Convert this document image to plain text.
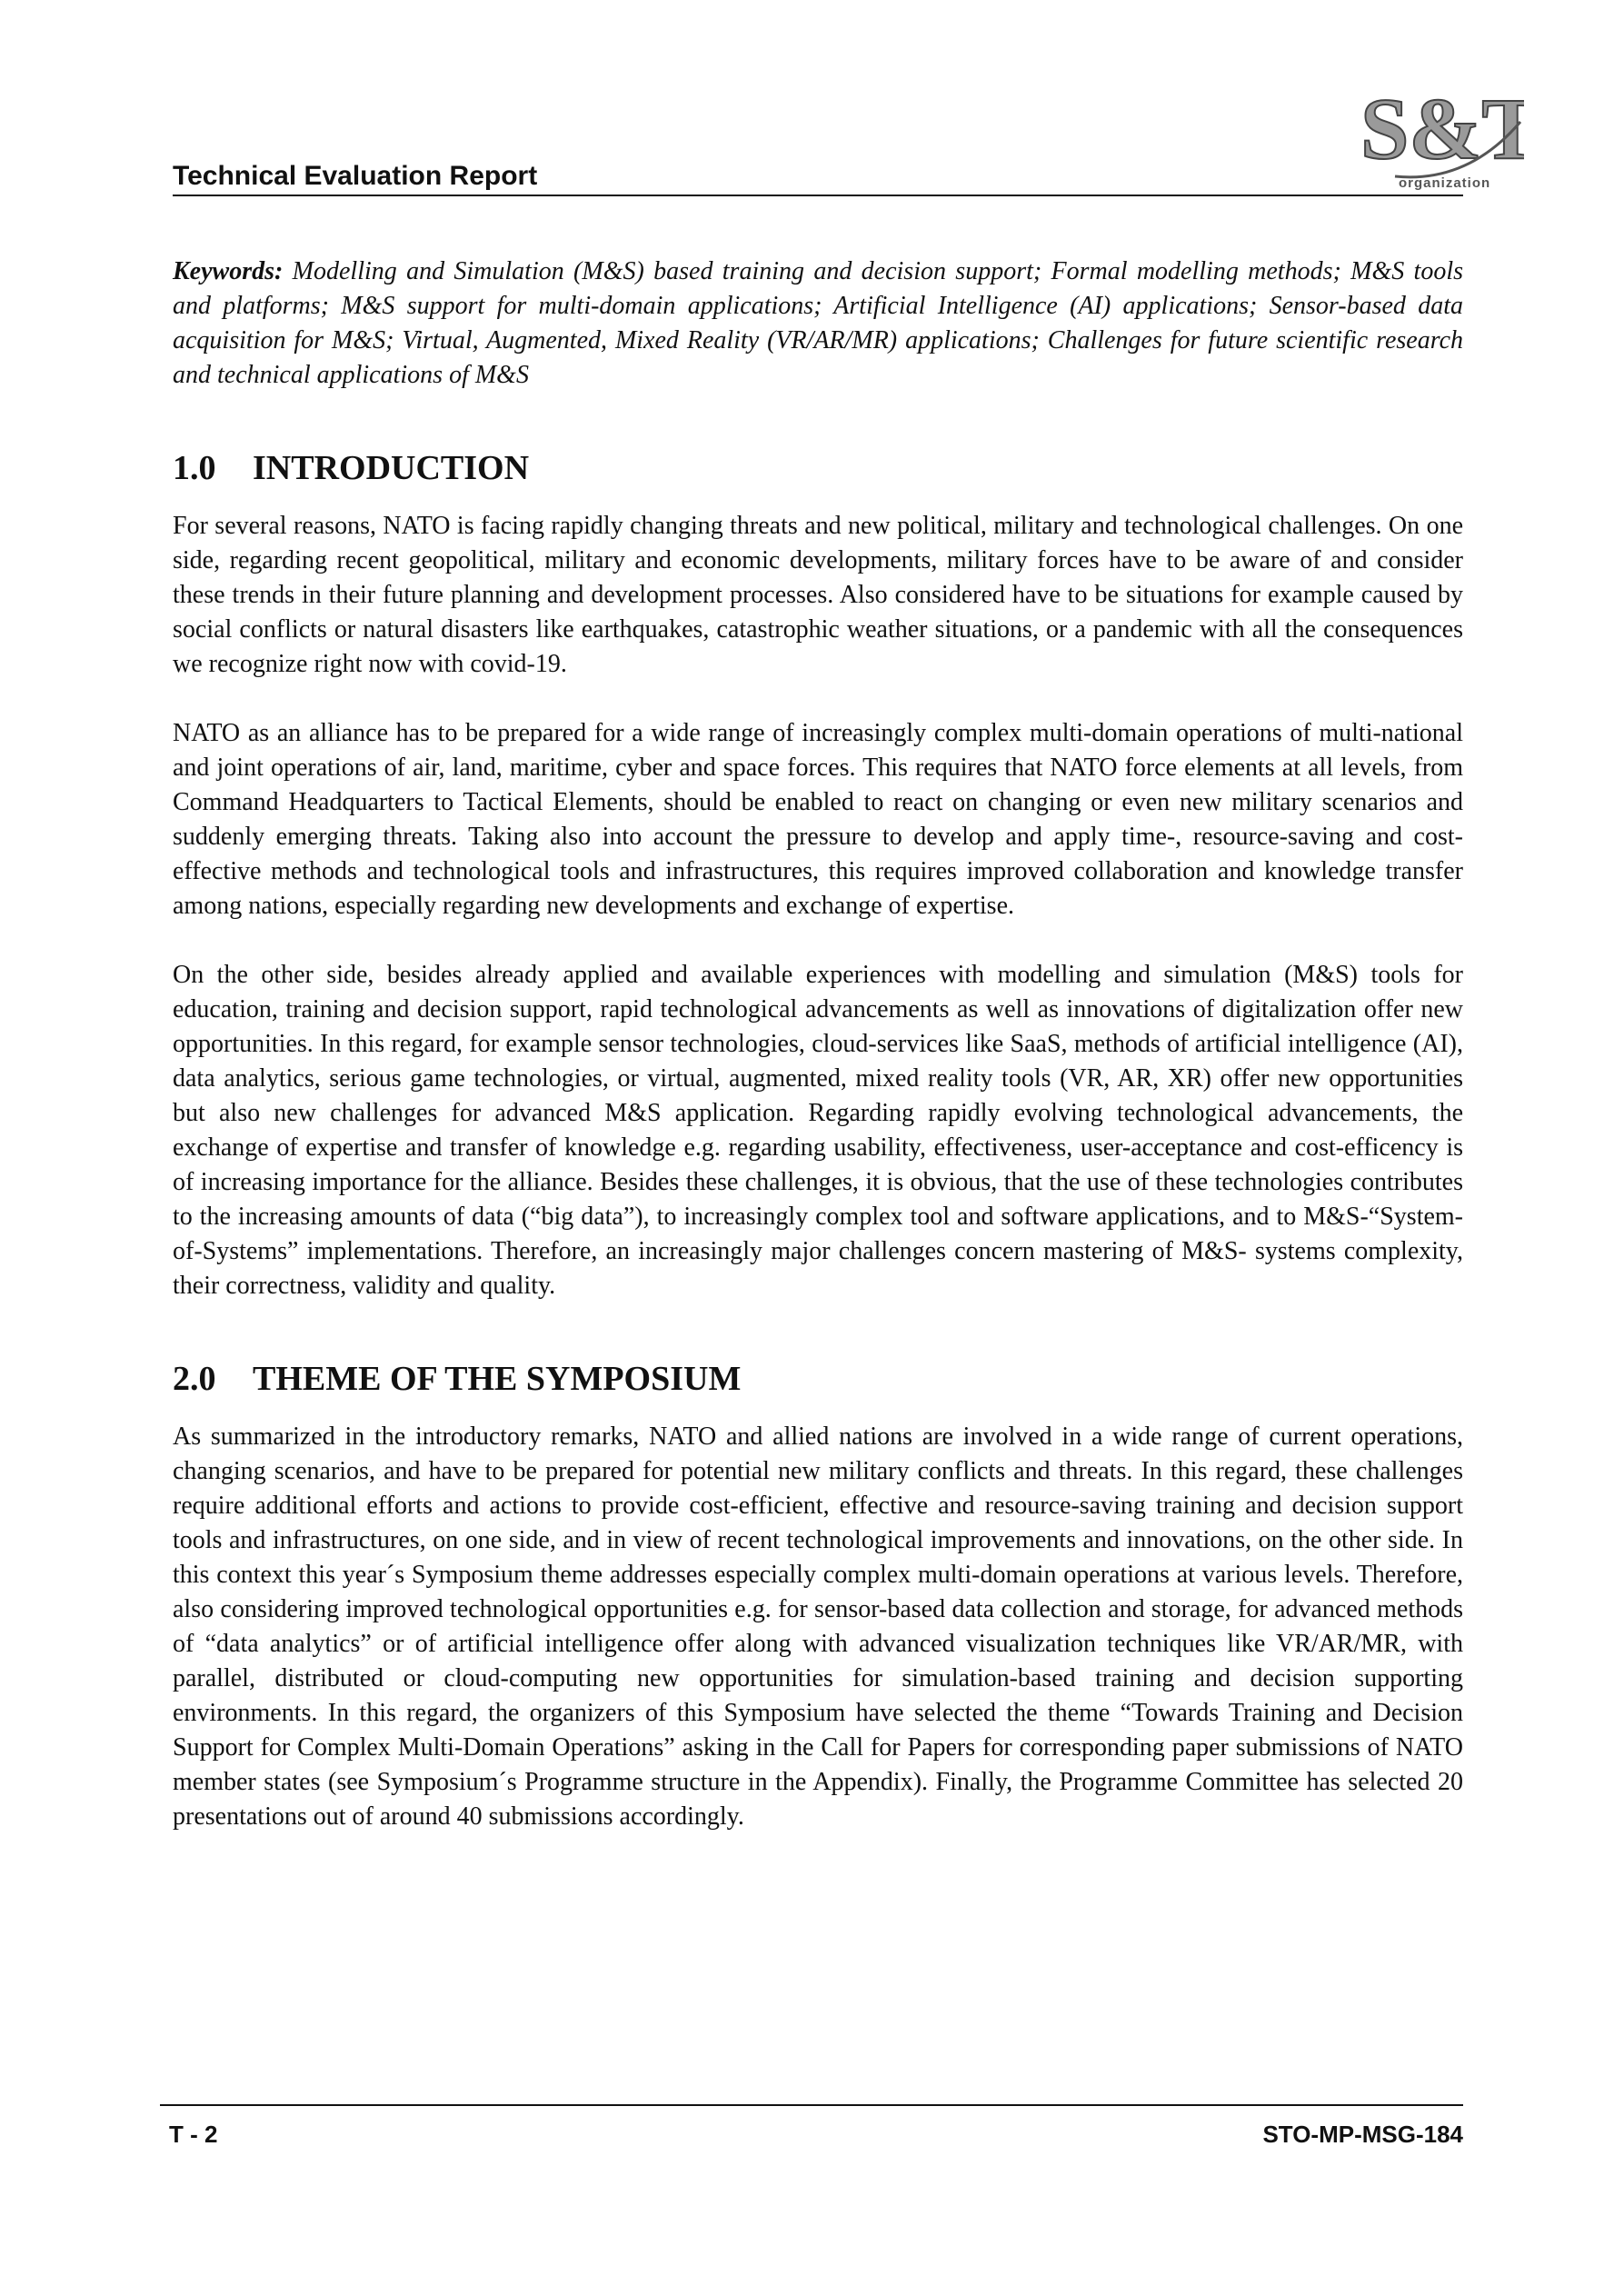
Technical Evaluation Report	S&T
organization

Keywords: Modelling and Simulation (M&S) based training and decision support; Formal modelling methods; M&S tools and platforms; M&S support for multi-domain applications; Artificial Intelligence (AI) applications; Sensor-based data acquisition for M&S; Virtual, Augmented, Mixed Reality (VR/AR/MR) applications; Challenges for future scientific research and technical applications of M&S

1.0 INTRODUCTION

For several reasons, NATO is facing rapidly changing threats and new political, military and technological challenges. On one side, regarding recent geopolitical, military and economic developments, military forces have to be aware of and consider these trends in their future planning and development processes. Also considered have to be situations for example caused by social conflicts or natural disasters like earthquakes, catastrophic weather situations, or a pandemic with all the consequences we recognize right now with covid-19.

NATO as an alliance has to be prepared for a wide range of increasingly complex multi-domain operations of multi-national and joint operations of air, land, maritime, cyber and space forces. This requires that NATO force elements at all levels, from Command Headquarters to Tactical Elements, should be enabled to react on changing or even new military scenarios and suddenly emerging threats. Taking also into account the pressure to develop and apply time-, resource-saving and cost-effective methods and technological tools and infrastructures, this requires improved collaboration and knowledge transfer among nations, especially regarding new developments and exchange of expertise.

On the other side, besides already applied and available experiences with modelling and simulation (M&S) tools for education, training and decision support, rapid technological advancements as well as innovations of digitalization offer new opportunities. In this regard, for example sensor technologies, cloud-services like SaaS, methods of artificial intelligence (AI), data analytics, serious game technologies, or virtual, augmented, mixed reality tools (VR, AR, XR) offer new opportunities but also new challenges for advanced M&S application. Regarding rapidly evolving technological advancements, the exchange of expertise and transfer of knowledge e.g. regarding usability, effectiveness, user-acceptance and cost-efficency is of increasing importance for the alliance. Besides these challenges, it is obvious, that the use of these technologies contributes to the increasing amounts of data (“big data”), to increasingly complex tool and software applications, and to M&S-“System-of-Systems” implementations. Therefore, an increasingly major challenges concern mastering of M&S- systems complexity, their correctness, validity and quality.

2.0 THEME OF THE SYMPOSIUM

As summarized in the introductory remarks, NATO and allied nations are involved in a wide range of current operations, changing scenarios, and have to be prepared for potential new military conflicts and threats. In this regard, these challenges require additional efforts and actions to provide cost-efficient, effective and resource-saving training and decision support tools and infrastructures, on one side, and in view of recent technological improvements and innovations, on the other side. In this context this year´s Symposium theme addresses especially complex multi-domain operations at various levels. Therefore, also considering improved technological opportunities e.g. for sensor-based data collection and storage, for advanced methods of “data analytics” or of artificial intelligence offer along with advanced visualization techniques like VR/AR/MR, with parallel, distributed or cloud-computing new opportunities for simulation-based training and decision supporting environments. In this regard, the organizers of this Symposium have selected the theme “Towards Training and Decision Support for Complex Multi-Domain Operations” asking in the Call for Papers for corresponding paper submissions of NATO member states (see Symposium´s Programme structure in the Appendix). Finally, the Programme Committee has selected 20 presentations out of around 40 submissions accordingly.

T - 2	STO-MP-MSG-184
